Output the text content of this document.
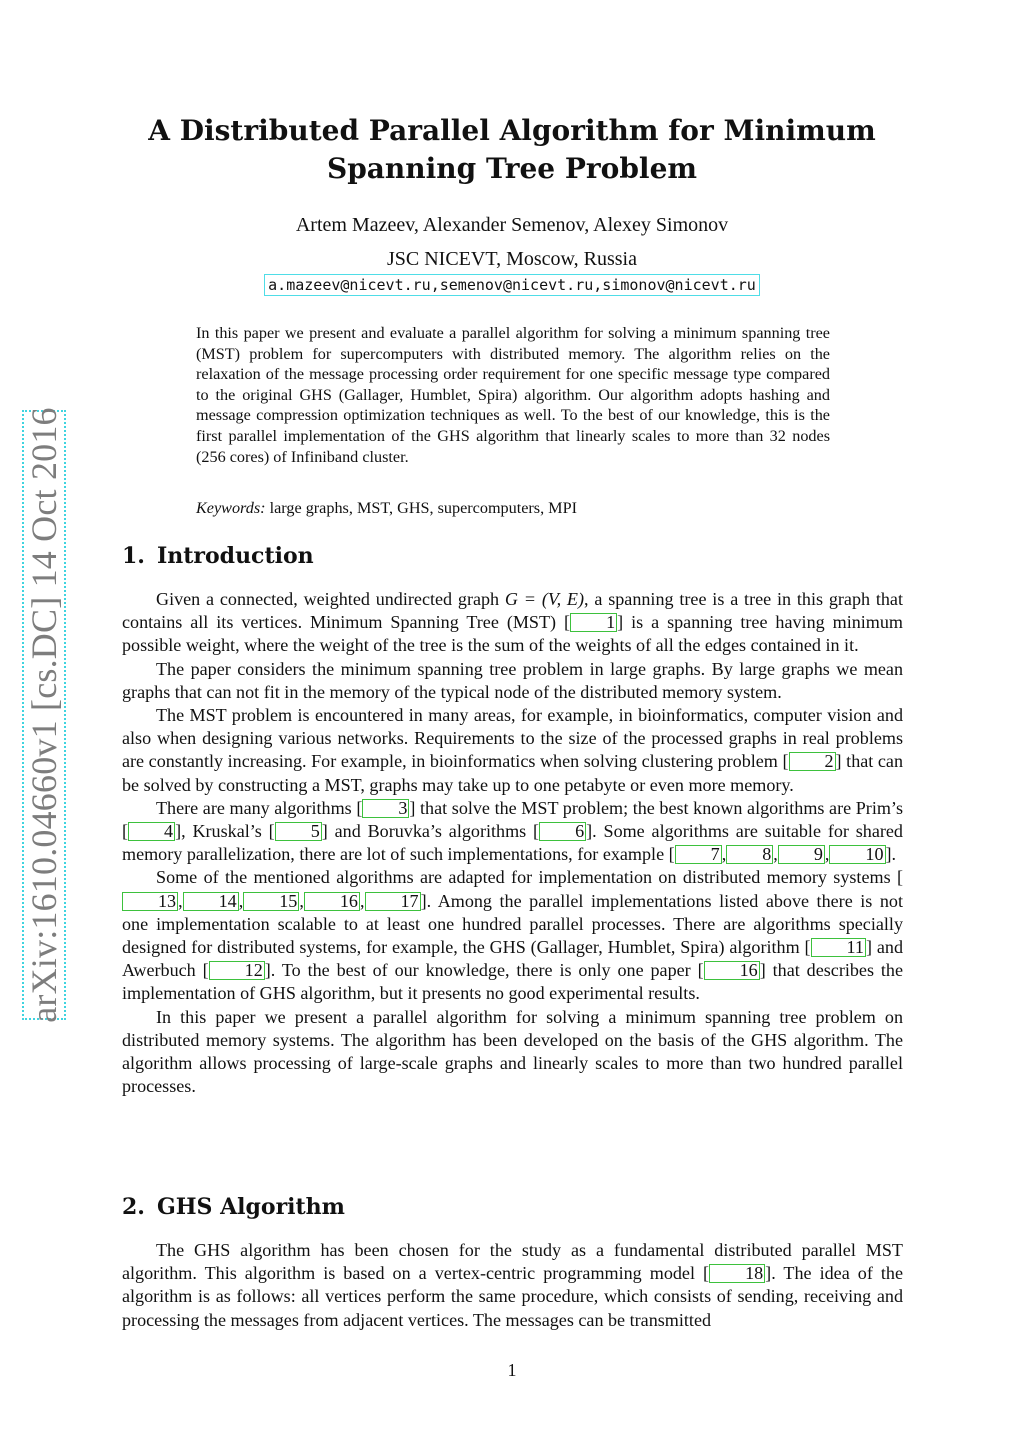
arXiv:1610.04660v1 [cs.DC] 14 Oct 2016
A Distributed Parallel Algorithm for Minimum
Spanning Tree Problem
Artem Mazeev, Alexander Semenov, Alexey Simonov
JSC NICEVT, Moscow, Russia
a.mazeev@nicevt.ru,semenov@nicevt.ru,simonov@nicevt.ru
In this paper we present and evaluate a parallel algorithm for solving a minimum spanning tree (MST) problem for supercomputers with distributed memory. The algorithm relies on the relaxation of the message processing order requirement for one specific message type compared to the original GHS (Gallager, Humblet, Spira) algorithm. Our algorithm adopts hashing and message compression optimization techniques as well. To the best of our knowledge, this is the first parallel implementation of the GHS algorithm that linearly scales to more than 32 nodes (256 cores) of Infiniband cluster.
Keywords: large graphs, MST, GHS, supercomputers, MPI
1. Introduction

Given a connected, weighted undirected graph G = (V, E), a spanning tree is a tree in this graph that contains all its vertices. Minimum Spanning Tree (MST) [ 1 ] is a spanning tree having minimum possible weight, where the weight of the tree is the sum of the weights of all the edges contained in it.

The paper considers the minimum spanning tree problem in large graphs. By large graphs we mean graphs that can not fit in the memory of the typical node of the distributed memory system.

The MST problem is encountered in many areas, for example, in bioinformatics, computer vision and also when designing various networks. Requirements to the size of the processed graphs in real problems are constantly increasing. For example, in bioinformatics when solving clustering problem [ 2 ] that can be solved by constructing a MST, graphs may take up to one petabyte or even more memory.

There are many algorithms [ 3 ] that solve the MST problem; the best known algorithms are Prim’s [ 4 ], Kruskal’s [ 5 ] and Boruvka’s algorithms [ 6 ]. Some algorithms are suitable for shared memory parallelization, there are lot of such implementations, for example [ 7 , 8 , 9 , 10 ].

Some of the mentioned algorithms are adapted for implementation on distributed memory systems [13 , 14 , 15 , 16 , 17 ]. Among the parallel implementations listed above there is not one implementation scalable to at least one hundred parallel processes. There are algorithms specially designed for distributed systems, for example, the GHS (Gallager, Humblet, Spira) algorithm [ 11 ] and Awerbuch [ 12 ]. To the best of our knowledge, there is only one paper [ 16 ] that describes the implementation of GHS algorithm, but it presents no good experimental results.

In this paper we present a parallel algorithm for solving a minimum spanning tree problem on distributed memory systems. The algorithm has been developed on the basis of the GHS algorithm. The algorithm allows processing of large-scale graphs and linearly scales to more than two hundred parallel processes.

2. GHS Algorithm

The GHS algorithm has been chosen for the study as a fundamental distributed parallel MST algorithm. This algorithm is based on a vertex-centric programming model [ 18 ]. The idea of the algorithm is as follows: all vertices perform the same procedure, which consists of sending, receiving and processing the messages from adjacent vertices. The messages can be transmitted

1
